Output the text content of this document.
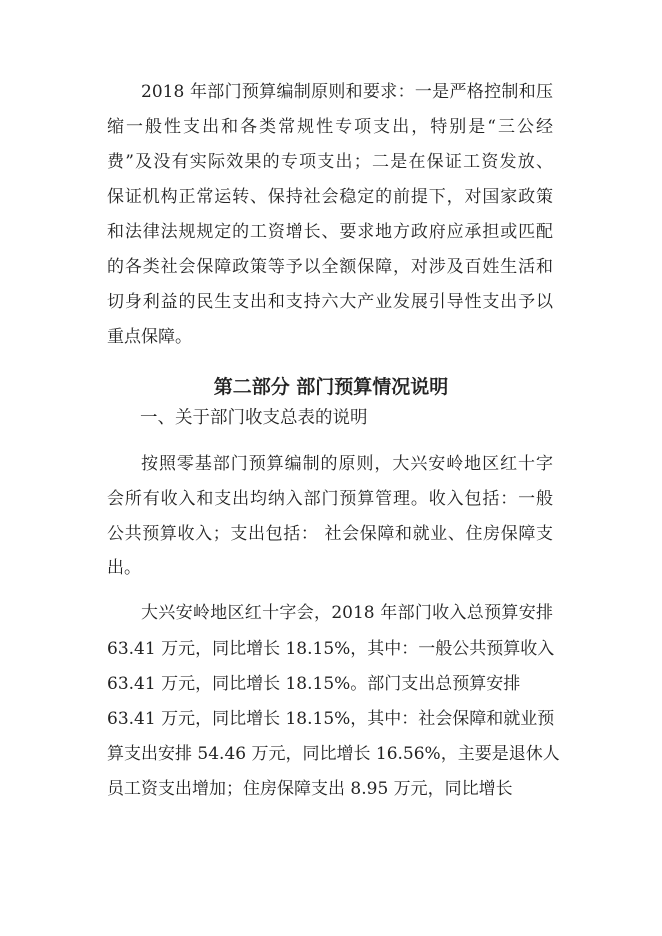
2018 年部门预算编制原则和要求：一是严格控制和压
缩一般性支出和各类常规性专项支出，特别是“三公经
费”及没有实际效果的专项支出；二是在保证工资发放、
保证机构正常运转、保持社会稳定的前提下，对国家政策
和法律法规规定的工资增长、要求地方政府应承担或匹配
的各类社会保障政策等予以全额保障，对涉及百姓生活和
切身利益的民生支出和支持六大产业发展引导性支出予以
重点保障。
第二部分 部门预算情况说明
一、关于部门收支总表的说明
按照零基部门预算编制的原则，大兴安岭地区红十字
会所有收入和支出均纳入部门预算管理。收入包括：一般
公共预算收入；支出包括： 社会保障和就业、住房保障支
出。
大兴安岭地区红十字会，2018 年部门收入总预算安排
63.41 万元，同比增长 18.15%，其中：一般公共预算收入
63.41 万元，同比增长 18.15%。部门支出总预算安排
63.41 万元，同比增长 18.15%，其中：社会保障和就业预
算支出安排 54.46 万元，同比增长 16.56%，主要是退休人
员工资支出增加；住房保障支出 8.95 万元，同比增长
